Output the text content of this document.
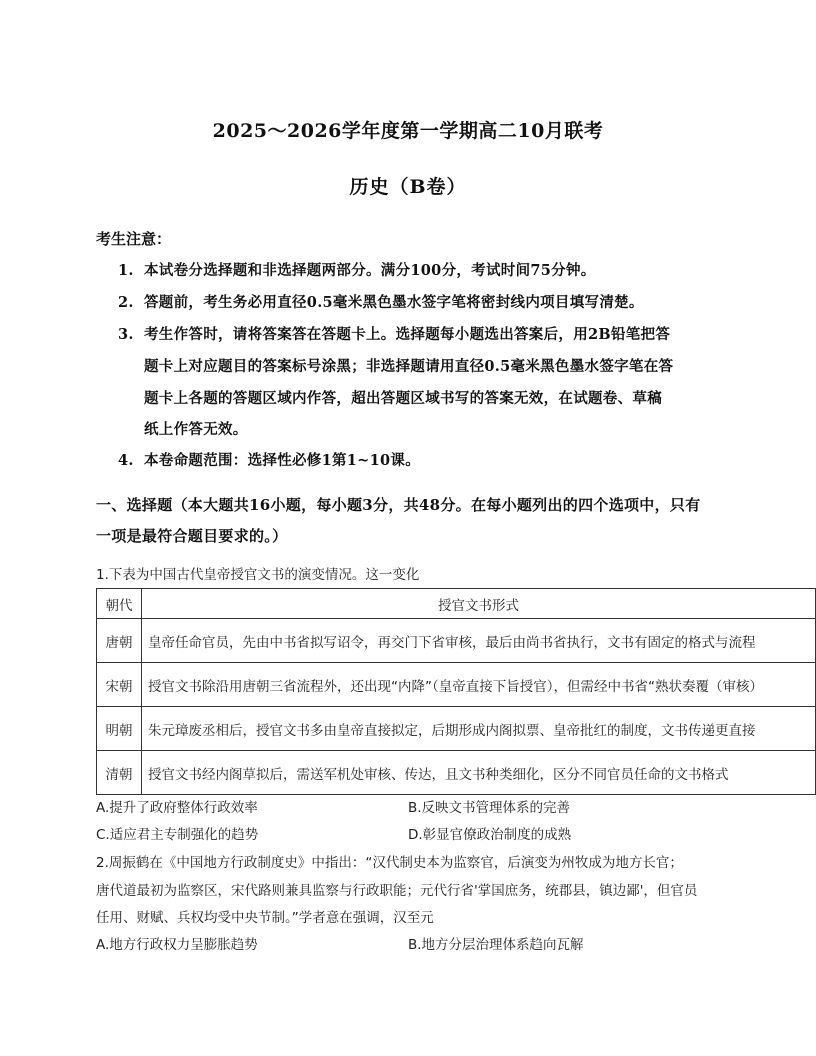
2025～2026学年度第一学期高二10月联考
历史（B卷）
考生注意：
1. 本试卷分选择题和非选择题两部分。满分100分，考试时间75分钟。
2. 答题前，考生务必用直径0.5毫米黑色墨水签字笔将密封线内项目填写清楚。
3. 考生作答时，请将答案答在答题卡上。选择题每小题选出答案后，用2B铅笔把答
题卡上对应题目的答案标号涂黑；非选择题请用直径0.5毫米黑色墨水签字笔在答
题卡上各题的答题区域内作答，超出答题区域书写的答案无效，在试题卷、草稿
纸上作答无效。
4. 本卷命题范围：选择性必修1第1~10课。
一、选择题（本大题共16小题，每小题3分，共48分。在每小题列出的四个选项中，只有
一项是最符合题目要求的。）
1.下表为中国古代皇帝授官文书的演变情况。这一变化
朝代	授官文书形式
唐朝	皇帝任命官员，先由中书省拟写诏令，再交门下省审核，最后由尚书省执行，文书有固定的格式与流程
宋朝	授官文书除沿用唐朝三省流程外，还出现“内降”（皇帝直接下旨授官），但需经中书省“熟状奏覆（审核）
明朝	朱元璋废丞相后，授官文书多由皇帝直接拟定，后期形成内阁拟票、皇帝批红的制度，文书传递更直接
清朝	授官文书经内阁草拟后，需送军机处审核、传达，且文书种类细化，区分不同官员任命的文书格式
A.提升了政府整体行政效率	B.反映文书管理体系的完善
C.适应君主专制强化的趋势	D.彰显官僚政治制度的成熟
2.周振鹤在《中国地方行政制度史》中指出：“汉代制史本为监察官，后演变为州牧成为地方长官；
唐代道最初为监察区，宋代路则兼具监察与行政职能；元代行省'掌国庶务，统郡县，镇边鄙'，但官员
任用、财赋、兵权均受中央节制。”学者意在强调，汉至元
A.地方行政权力呈膨胀趋势	B.地方分层治理体系趋向瓦解
